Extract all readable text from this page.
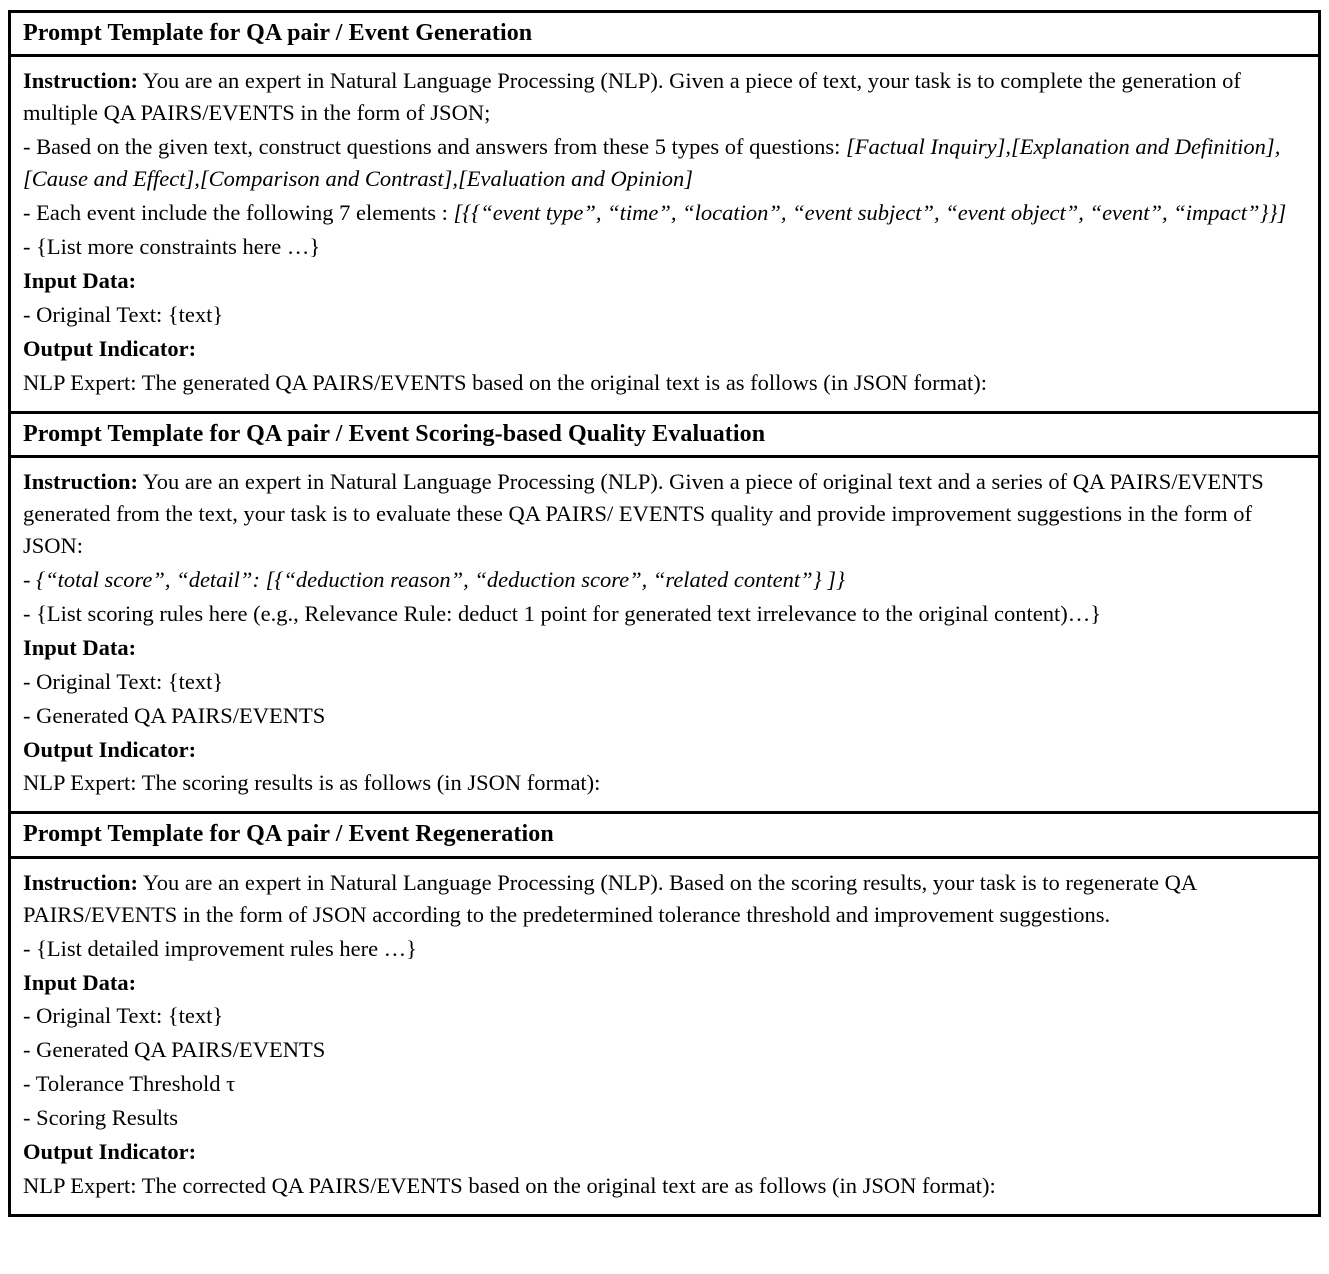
Prompt Template for QA pair / Event Generation

Instruction: You are an expert in Natural Language Processing (NLP). Given a piece of text, your task is to complete the generation of multiple QA PAIRS/EVENTS in the form of JSON;

- Based on the given text, construct questions and answers from these 5 types of questions: [Factual Inquiry],[Explanation and Definition],[Cause and Effect],[Comparison and Contrast],[Evaluation and Opinion]

- Each event include the following 7 elements : [{{“event type”, “time”, “location”, “event subject”, “event object”, “event”, “impact”}}]

- {List more constraints here …}

Input Data:

- Original Text: {text}

Output Indicator:

NLP Expert: The generated QA PAIRS/EVENTS based on the original text is as follows (in JSON format):

Prompt Template for QA pair / Event Scoring-based Quality Evaluation

Instruction: You are an expert in Natural Language Processing (NLP). Given a piece of original text and a series of QA PAIRS/EVENTS generated from the text, your task is to evaluate these QA PAIRS/ EVENTS quality and provide improvement suggestions in the form of JSON:

- {“total score”, “detail”: [{“deduction reason”, “deduction score”, “related content”} ]}

- {List scoring rules here (e.g., Relevance Rule: deduct 1 point for generated text irrelevance to the original content)…}

Input Data:

- Original Text: {text}

- Generated QA PAIRS/EVENTS

Output Indicator:

NLP Expert: The scoring results is as follows (in JSON format):

Prompt Template for QA pair / Event Regeneration

Instruction: You are an expert in Natural Language Processing (NLP). Based on the scoring results, your task is to regenerate QA PAIRS/EVENTS in the form of JSON according to the predetermined tolerance threshold and improvement suggestions.

- {List detailed improvement rules here …}

Input Data:

- Original Text: {text}

- Generated QA PAIRS/EVENTS

- Tolerance Threshold τ

- Scoring Results

Output Indicator:

NLP Expert: The corrected QA PAIRS/EVENTS based on the original text are as follows (in JSON format):
